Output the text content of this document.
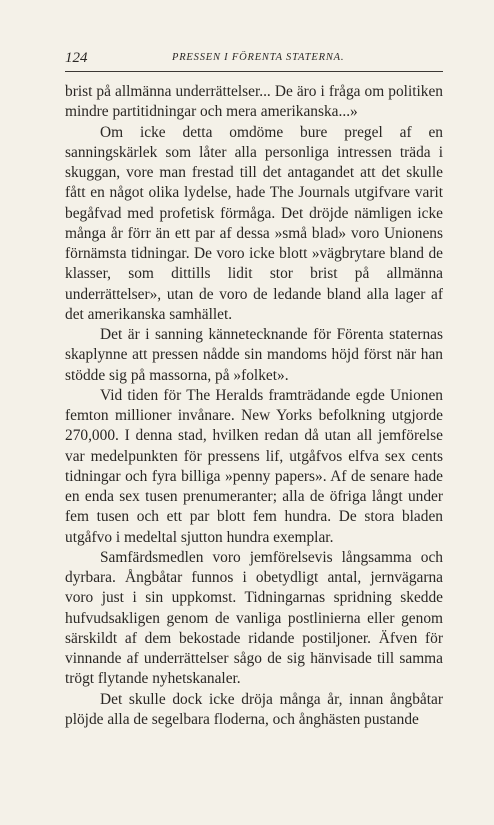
124	PRESSEN I FÖRENTA STATERNA.

brist på allmänna underrättelser... De äro i fråga om politiken mindre partitidningar och mera amerikanska...»

Om icke detta omdöme bure pregel af en sanningskärlek som låter alla personliga intressen träda i skuggan, vore man frestad till det antagandet att det skulle fått en något olika lydelse, hade The Journals utgifvare varit begåfvad med profetisk förmåga. Det dröjde nämligen icke många år förr än ett par af dessa »små blad» voro Unionens förnämsta tidningar. De voro icke blott »vägbrytare bland de klasser, som dittills lidit stor brist på allmänna underrättelser», utan de voro de ledande bland alla lager af det amerikanska samhället.

Det är i sanning kännetecknande för Förenta staternas skaplynne att pressen nådde sin mandoms höjd först när han stödde sig på massorna, på »folket».

Vid tiden för The Heralds framträdande egde Unionen femton millioner invånare. New Yorks befolkning utgjorde 270,000. I denna stad, hvilken redan då utan all jemförelse var medelpunkten för pressens lif, utgåfvos elfva sex cents tidningar och fyra billiga »penny papers». Af de senare hade en enda sex tusen prenumeranter; alla de öfriga långt under fem tusen och ett par blott fem hundra. De stora bladen utgåfvo i medeltal sjutton hundra exemplar.

Samfärdsmedlen voro jemförelsevis långsamma och dyrbara. Ångbåtar funnos i obetydligt antal, jernvägarna voro just i sin uppkomst. Tidningarnas spridning skedde hufvudsakligen genom de vanliga postlinierna eller genom särskildt af dem bekostade ridande postiljoner. Äfven för vinnande af underrättelser sågo de sig hänvisade till samma trögt flytande nyhetskanaler.

Det skulle dock icke dröja många år, innan ångbåtar plöjde alla de segelbara floderna, och ånghästen pustande
